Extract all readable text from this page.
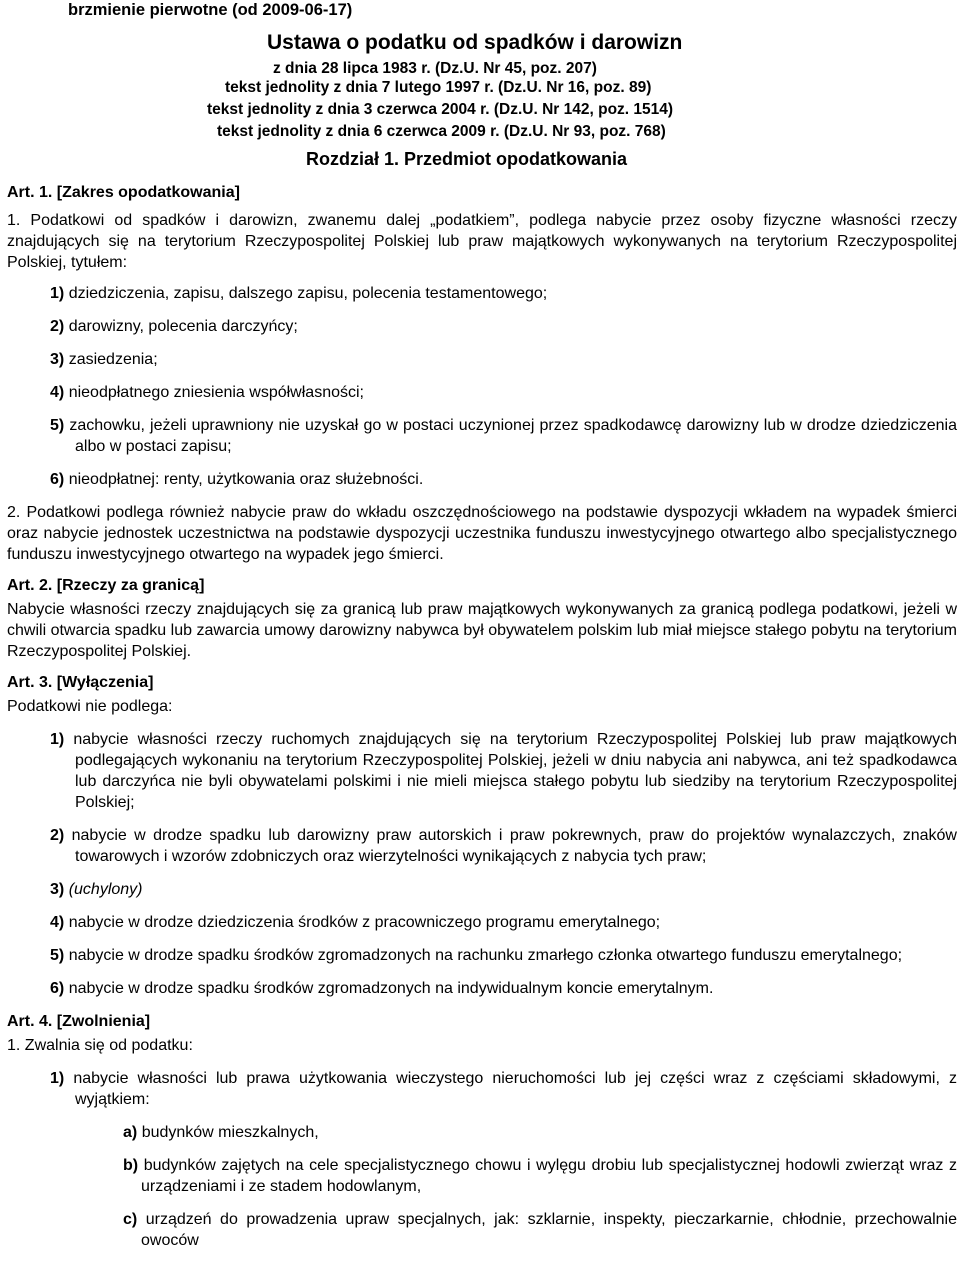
brzmienie pierwotne (od 2009-06-17)
Ustawa o podatku od spadków i darowizn
z dnia 28 lipca 1983 r. (Dz.U. Nr 45, poz. 207)
tekst jednolity z dnia 7 lutego 1997 r. (Dz.U. Nr 16, poz. 89)
tekst jednolity z dnia 3 czerwca 2004 r. (Dz.U. Nr 142, poz. 1514)
tekst jednolity z dnia 6 czerwca 2009 r. (Dz.U. Nr 93, poz. 768)
Rozdział 1. Przedmiot opodatkowania
Art. 1. [Zakres opodatkowania]

1. Podatkowi od spadków i darowizn, zwanemu dalej „podatkiem”, podlega nabycie przez osoby fizyczne własności rzeczy znajdujących się na terytorium Rzeczypospolitej Polskiej lub praw majątkowych wykonywanych na terytorium Rzeczypospolitej Polskiej, tytułem:

1) dziedziczenia, zapisu, dalszego zapisu, polecenia testamentowego;
2) darowizny, polecenia darczyńcy;
3) zasiedzenia;
4) nieodpłatnego zniesienia współwłasności;
5) zachowku, jeżeli uprawniony nie uzyskał go w postaci uczynionej przez spadkodawcę darowizny lub w drodze dziedziczenia albo w postaci zapisu;
6) nieodpłatnej: renty, użytkowania oraz służebności.

2. Podatkowi podlega również nabycie praw do wkładu oszczędnościowego na podstawie dyspozycji wkładem na wypadek śmierci oraz nabycie jednostek uczestnictwa na podstawie dyspozycji uczestnika funduszu inwestycyjnego otwartego albo specjalistycznego funduszu inwestycyjnego otwartego na wypadek jego śmierci.

Art. 2. [Rzeczy za granicą]

Nabycie własności rzeczy znajdujących się za granicą lub praw majątkowych wykonywanych za granicą podlega podatkowi, jeżeli w chwili otwarcia spadku lub zawarcia umowy darowizny nabywca był obywatelem polskim lub miał miejsce stałego pobytu na terytorium Rzeczypospolitej Polskiej.

Art. 3. [Wyłączenia]

Podatkowi nie podlega:

1) nabycie własności rzeczy ruchomych znajdujących się na terytorium Rzeczypospolitej Polskiej lub praw majątkowych podlegających wykonaniu na terytorium Rzeczypospolitej Polskiej, jeżeli w dniu nabycia ani nabywca, ani też spadkodawca lub darczyńca nie byli obywatelami polskimi i nie mieli miejsca stałego pobytu lub siedziby na terytorium Rzeczypospolitej Polskiej;
2) nabycie w drodze spadku lub darowizny praw autorskich i praw pokrewnych, praw do projektów wynalazczych, znaków towarowych i wzorów zdobniczych oraz wierzytelności wynikających z nabycia tych praw;
3) (uchylony)
4) nabycie w drodze dziedziczenia środków z pracowniczego programu emerytalnego;
5) nabycie w drodze spadku środków zgromadzonych na rachunku zmarłego członka otwartego funduszu emerytalnego;
6) nabycie w drodze spadku środków zgromadzonych na indywidualnym koncie emerytalnym.
Art. 4. [Zwolnienia]

1. Zwalnia się od podatku:

1) nabycie własności lub prawa użytkowania wieczystego nieruchomości lub jej części wraz z częściami składowymi, z wyjątkiem:
a) budynków mieszkalnych,
b) budynków zajętych na cele specjalistycznego chowu i wylęgu drobiu lub specjalistycznej hodowli zwierząt wraz z urządzeniami i ze stadem hodowlanym,
c) urządzeń do prowadzenia upraw specjalnych, jak: szklarnie, inspekty, pieczarkarnie, chłodnie, przechowalnie owoców
